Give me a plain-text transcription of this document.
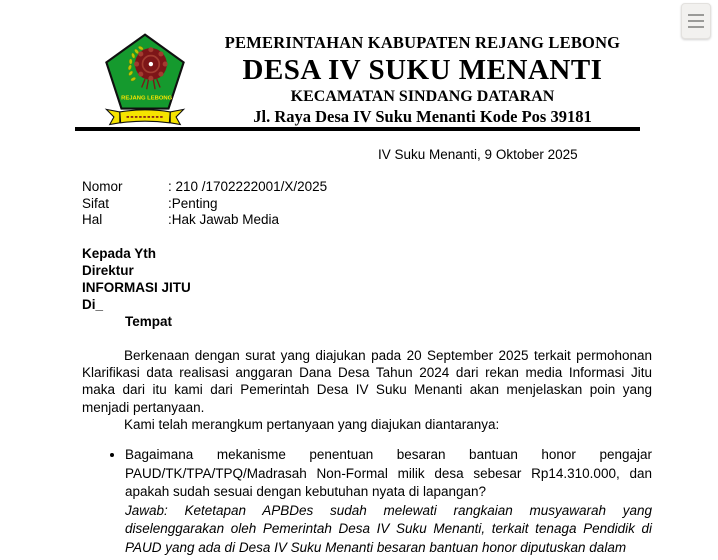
REJANG LEBONG
PEMERINTAHAN KABUPATEN REJANG LEBONG
DESA IV SUKU MENANTI
KECAMATAN SINDANG DATARAN
Jl. Raya Desa IV Suku Menanti Kode Pos 39181
IV Suku Menanti, 9 Oktober 2025
Nomor	: 210 /1702222001/X/2025
Sifat	:Penting
Hal	:Hak Jawab Media
Kepada Yth
Direktur
INFORMASI JITU
Di_
Tempat

Berkenaan dengan surat yang diajukan pada 20 September 2025 terkait permohonan Klarifikasi data realisasi anggaran Dana Desa Tahun 2024 dari rekan media Informasi Jitu maka dari itu kami dari Pemerintah Desa IV Suku Menanti akan menjelaskan poin yang menjadi pertanyaan.

Kami telah merangkum pertanyaan yang diajukan diantaranya:

• Bagaimana mekanisme penentuan besaran bantuan honor pengajar PAUD/TK/TPA/TPQ/Madrasah Non-Formal milik desa sebesar Rp14.310.000, dan apakah sudah sesuai dengan kebutuhan nyata di lapangan?
Jawab: Ketetapan APBDes sudah melewati rangkaian musyawarah yang diselenggarakan oleh Pemerintah Desa IV Suku Menanti, terkait tenaga Pendidik di PAUD yang ada di Desa IV Suku Menanti besaran bantuan honor diputuskan dalam
